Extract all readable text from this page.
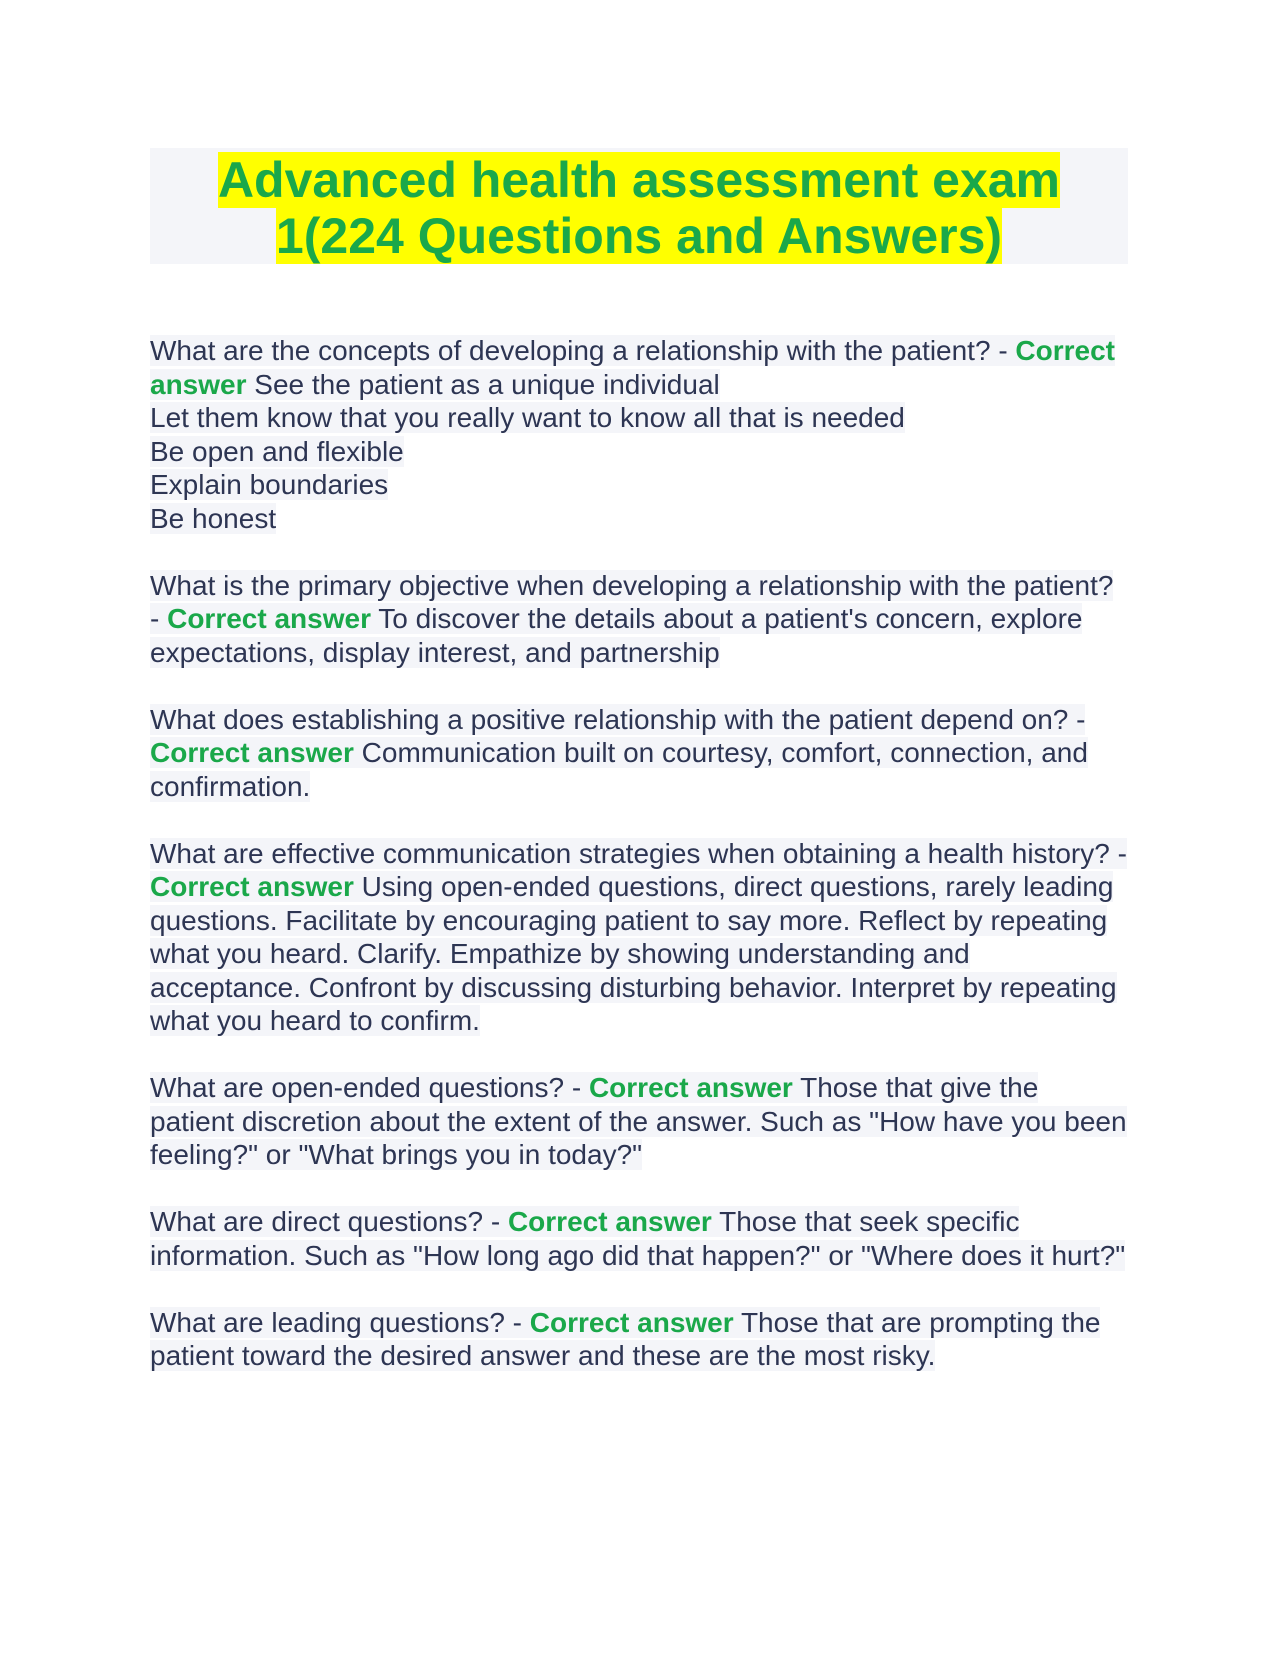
Advanced health assessment exam
1(224 Questions and Answers)
What are the concepts of developing a relationship with the patient? - Correct answer See the patient as a unique individual
Let them know that you really want to know all that is needed
Be open and flexible
Explain boundaries
Be honest
What is the primary objective when developing a relationship with the patient? - Correct answer To discover the details about a patient's concern, explore expectations, display interest, and partnership
What does establishing a positive relationship with the patient depend on? - Correct answer Communication built on courtesy, comfort, connection, and confirmation.
What are effective communication strategies when obtaining a health history? - Correct answer Using open-ended questions, direct questions, rarely leading questions. Facilitate by encouraging patient to say more. Reflect by repeating what you heard. Clarify. Empathize by showing understanding and acceptance. Confront by discussing disturbing behavior. Interpret by repeating what you heard to confirm.
What are open-ended questions? - Correct answer Those that give the patient discretion about the extent of the answer. Such as "How have you been feeling?" or "What brings you in today?"
What are direct questions? - Correct answer Those that seek specific information. Such as "How long ago did that happen?" or "Where does it hurt?"
What are leading questions? - Correct answer Those that are prompting the patient toward the desired answer and these are the most risky.
